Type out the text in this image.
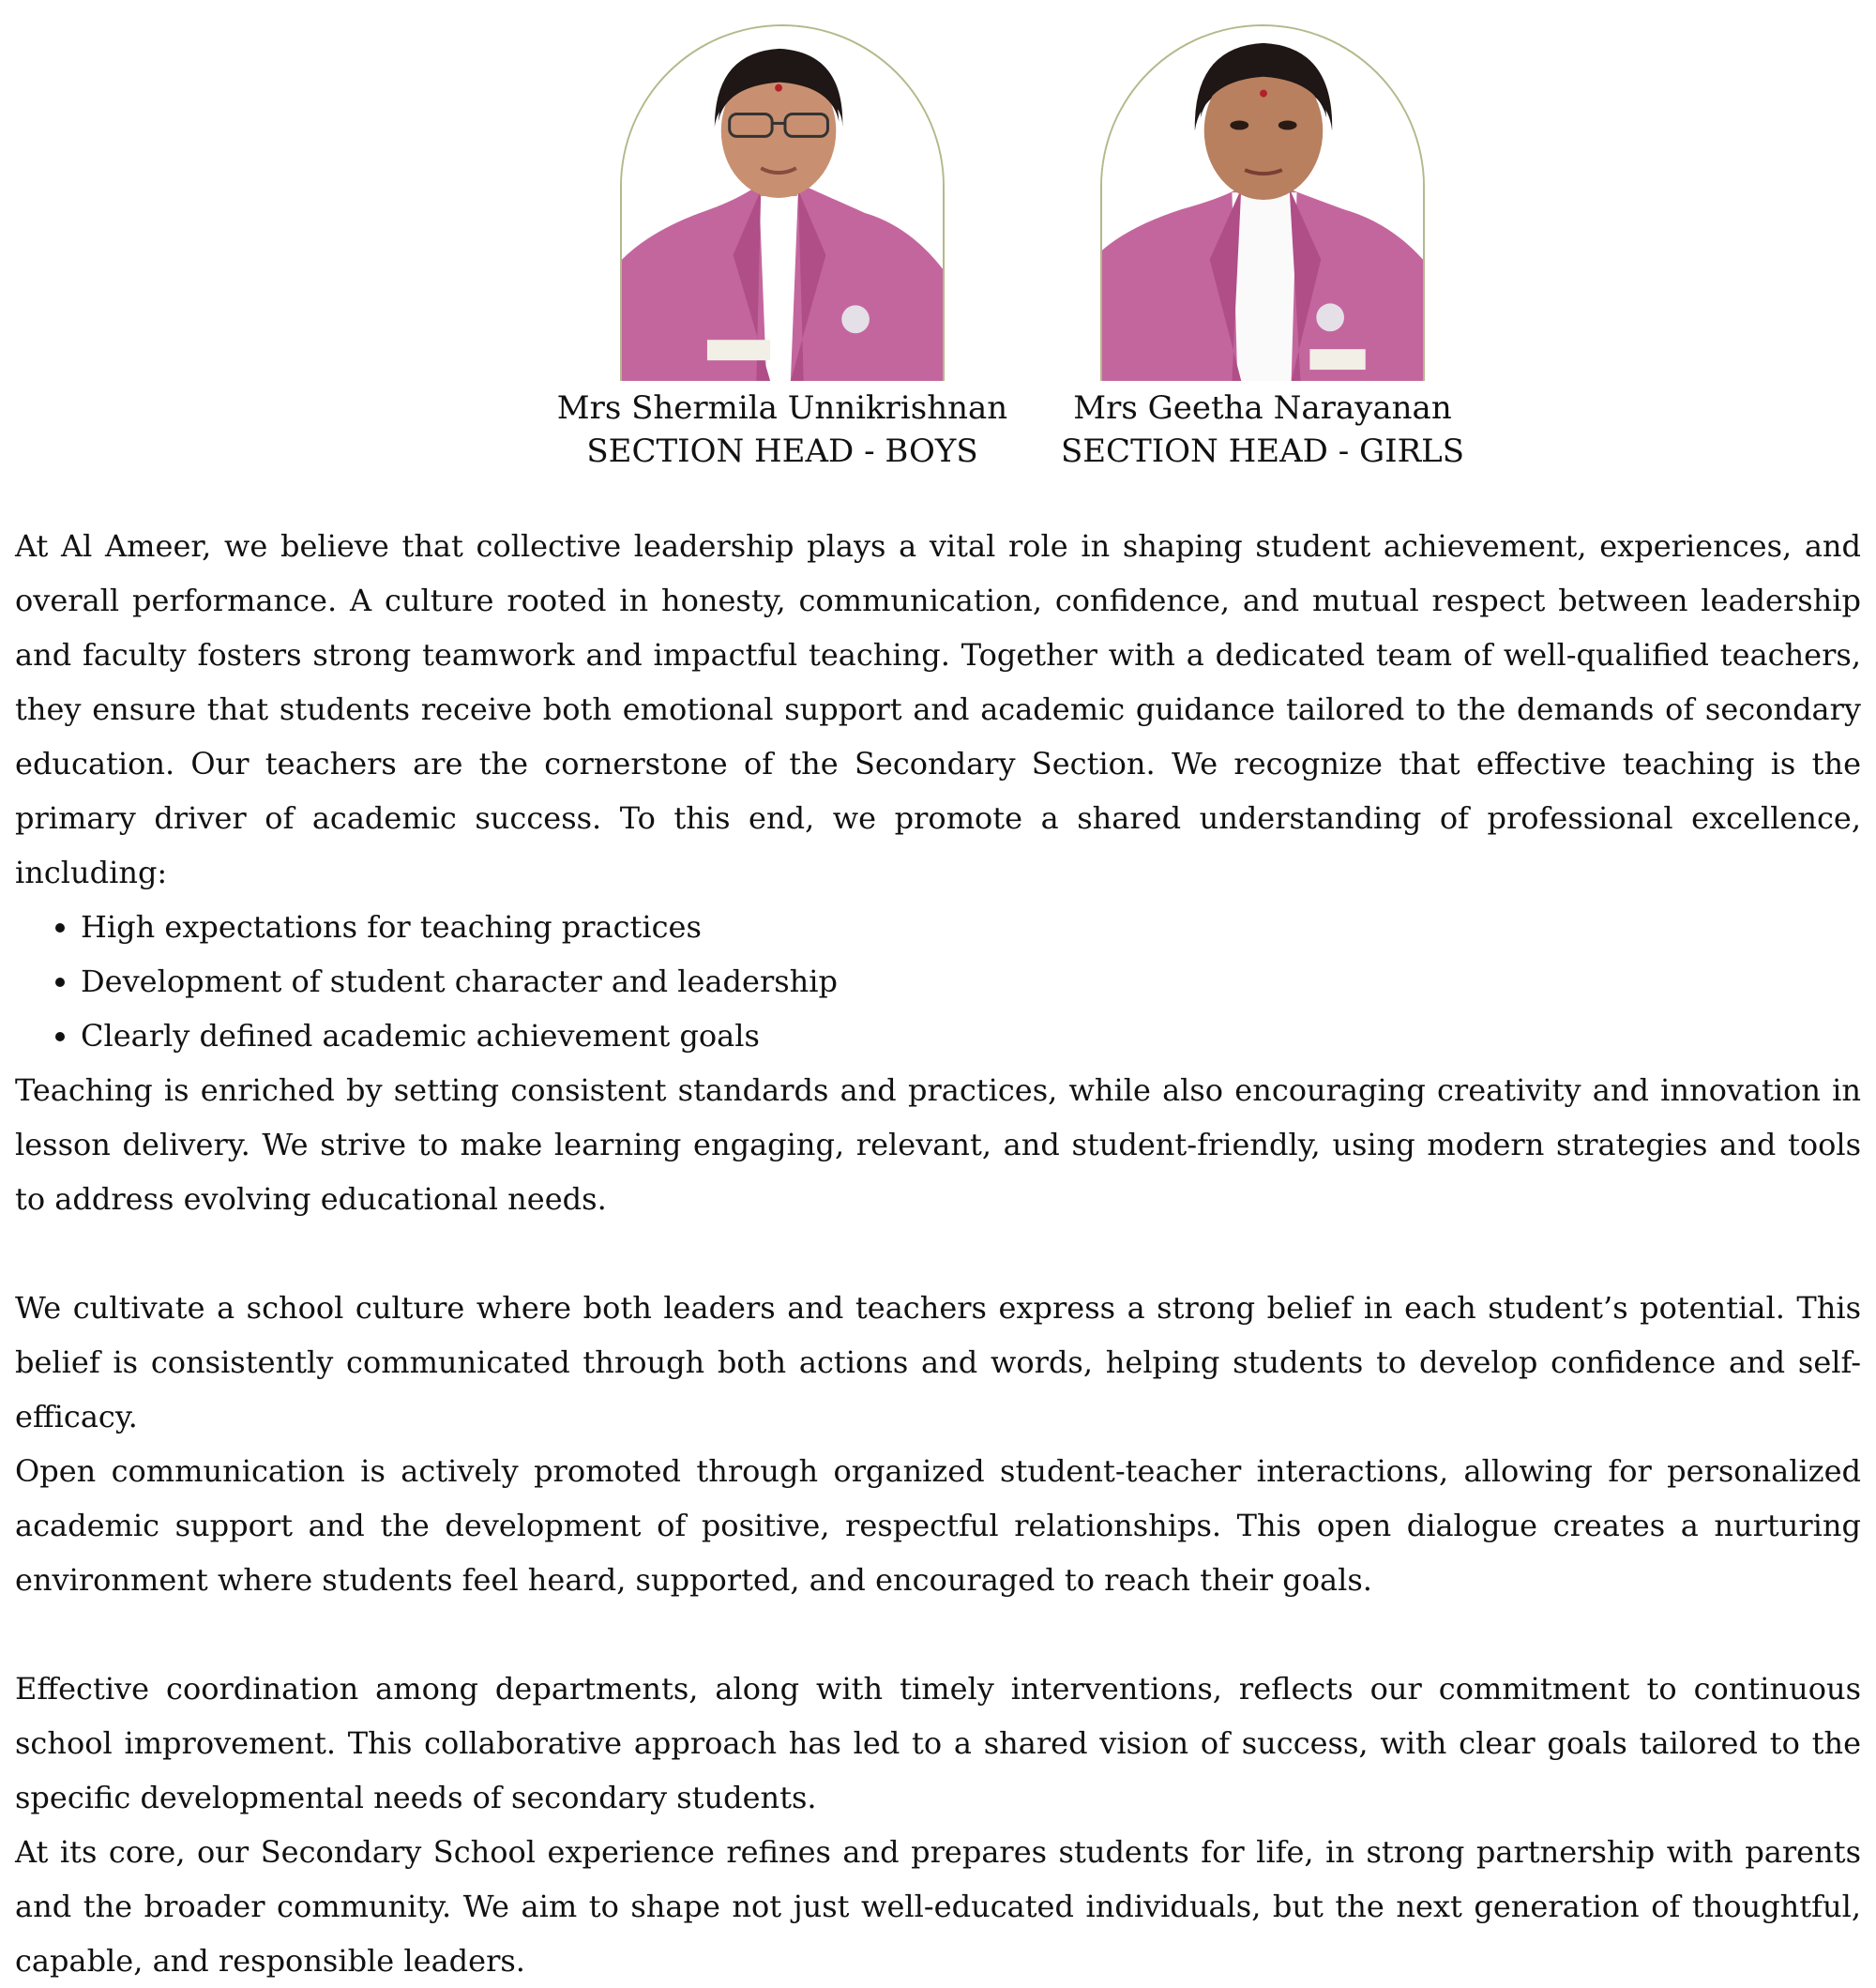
Mrs Shermila Unnikrishnan
SECTION HEAD - BOYS
Mrs Geetha Narayanan
SECTION HEAD - GIRLS

At Al Ameer, we believe that collective leadership plays a vital role in shaping student achievement, experiences, and overall performance. A culture rooted in honesty, communication, confidence, and mutual respect between leadership and faculty fosters strong teamwork and impactful teaching. Together with a dedicated team of well-qualified teachers, they ensure that students receive both emotional support and academic guidance tailored to the demands of secondary education. Our teachers are the cornerstone of the Secondary Section. We recognize that effective teaching is the primary driver of academic success. To this end, we promote a shared understanding of professional excellence, including:

• High expectations for teaching practices
• Development of student character and leadership
• Clearly defined academic achievement goals

Teaching is enriched by setting consistent standards and practices, while also encouraging creativity and innovation in lesson delivery. We strive to make learning engaging, relevant, and student-friendly, using modern strategies and tools to address evolving educational needs.

We cultivate a school culture where both leaders and teachers express a strong belief in each student’s potential. This belief is consistently communicated through both actions and words, helping students to develop confidence and self-efficacy.

Open communication is actively promoted through organized student-teacher interactions, allowing for personalized academic support and the development of positive, respectful relationships. This open dialogue creates a nurturing environment where students feel heard, supported, and encouraged to reach their goals.

Effective coordination among departments, along with timely interventions, reflects our commitment to continuous school improvement. This collaborative approach has led to a shared vision of success, with clear goals tailored to the specific developmental needs of secondary students.

At its core, our Secondary School experience refines and prepares students for life, in strong partnership with parents and the broader community. We aim to shape not just well-educated individuals, but the next generation of thoughtful, capable, and responsible leaders.
